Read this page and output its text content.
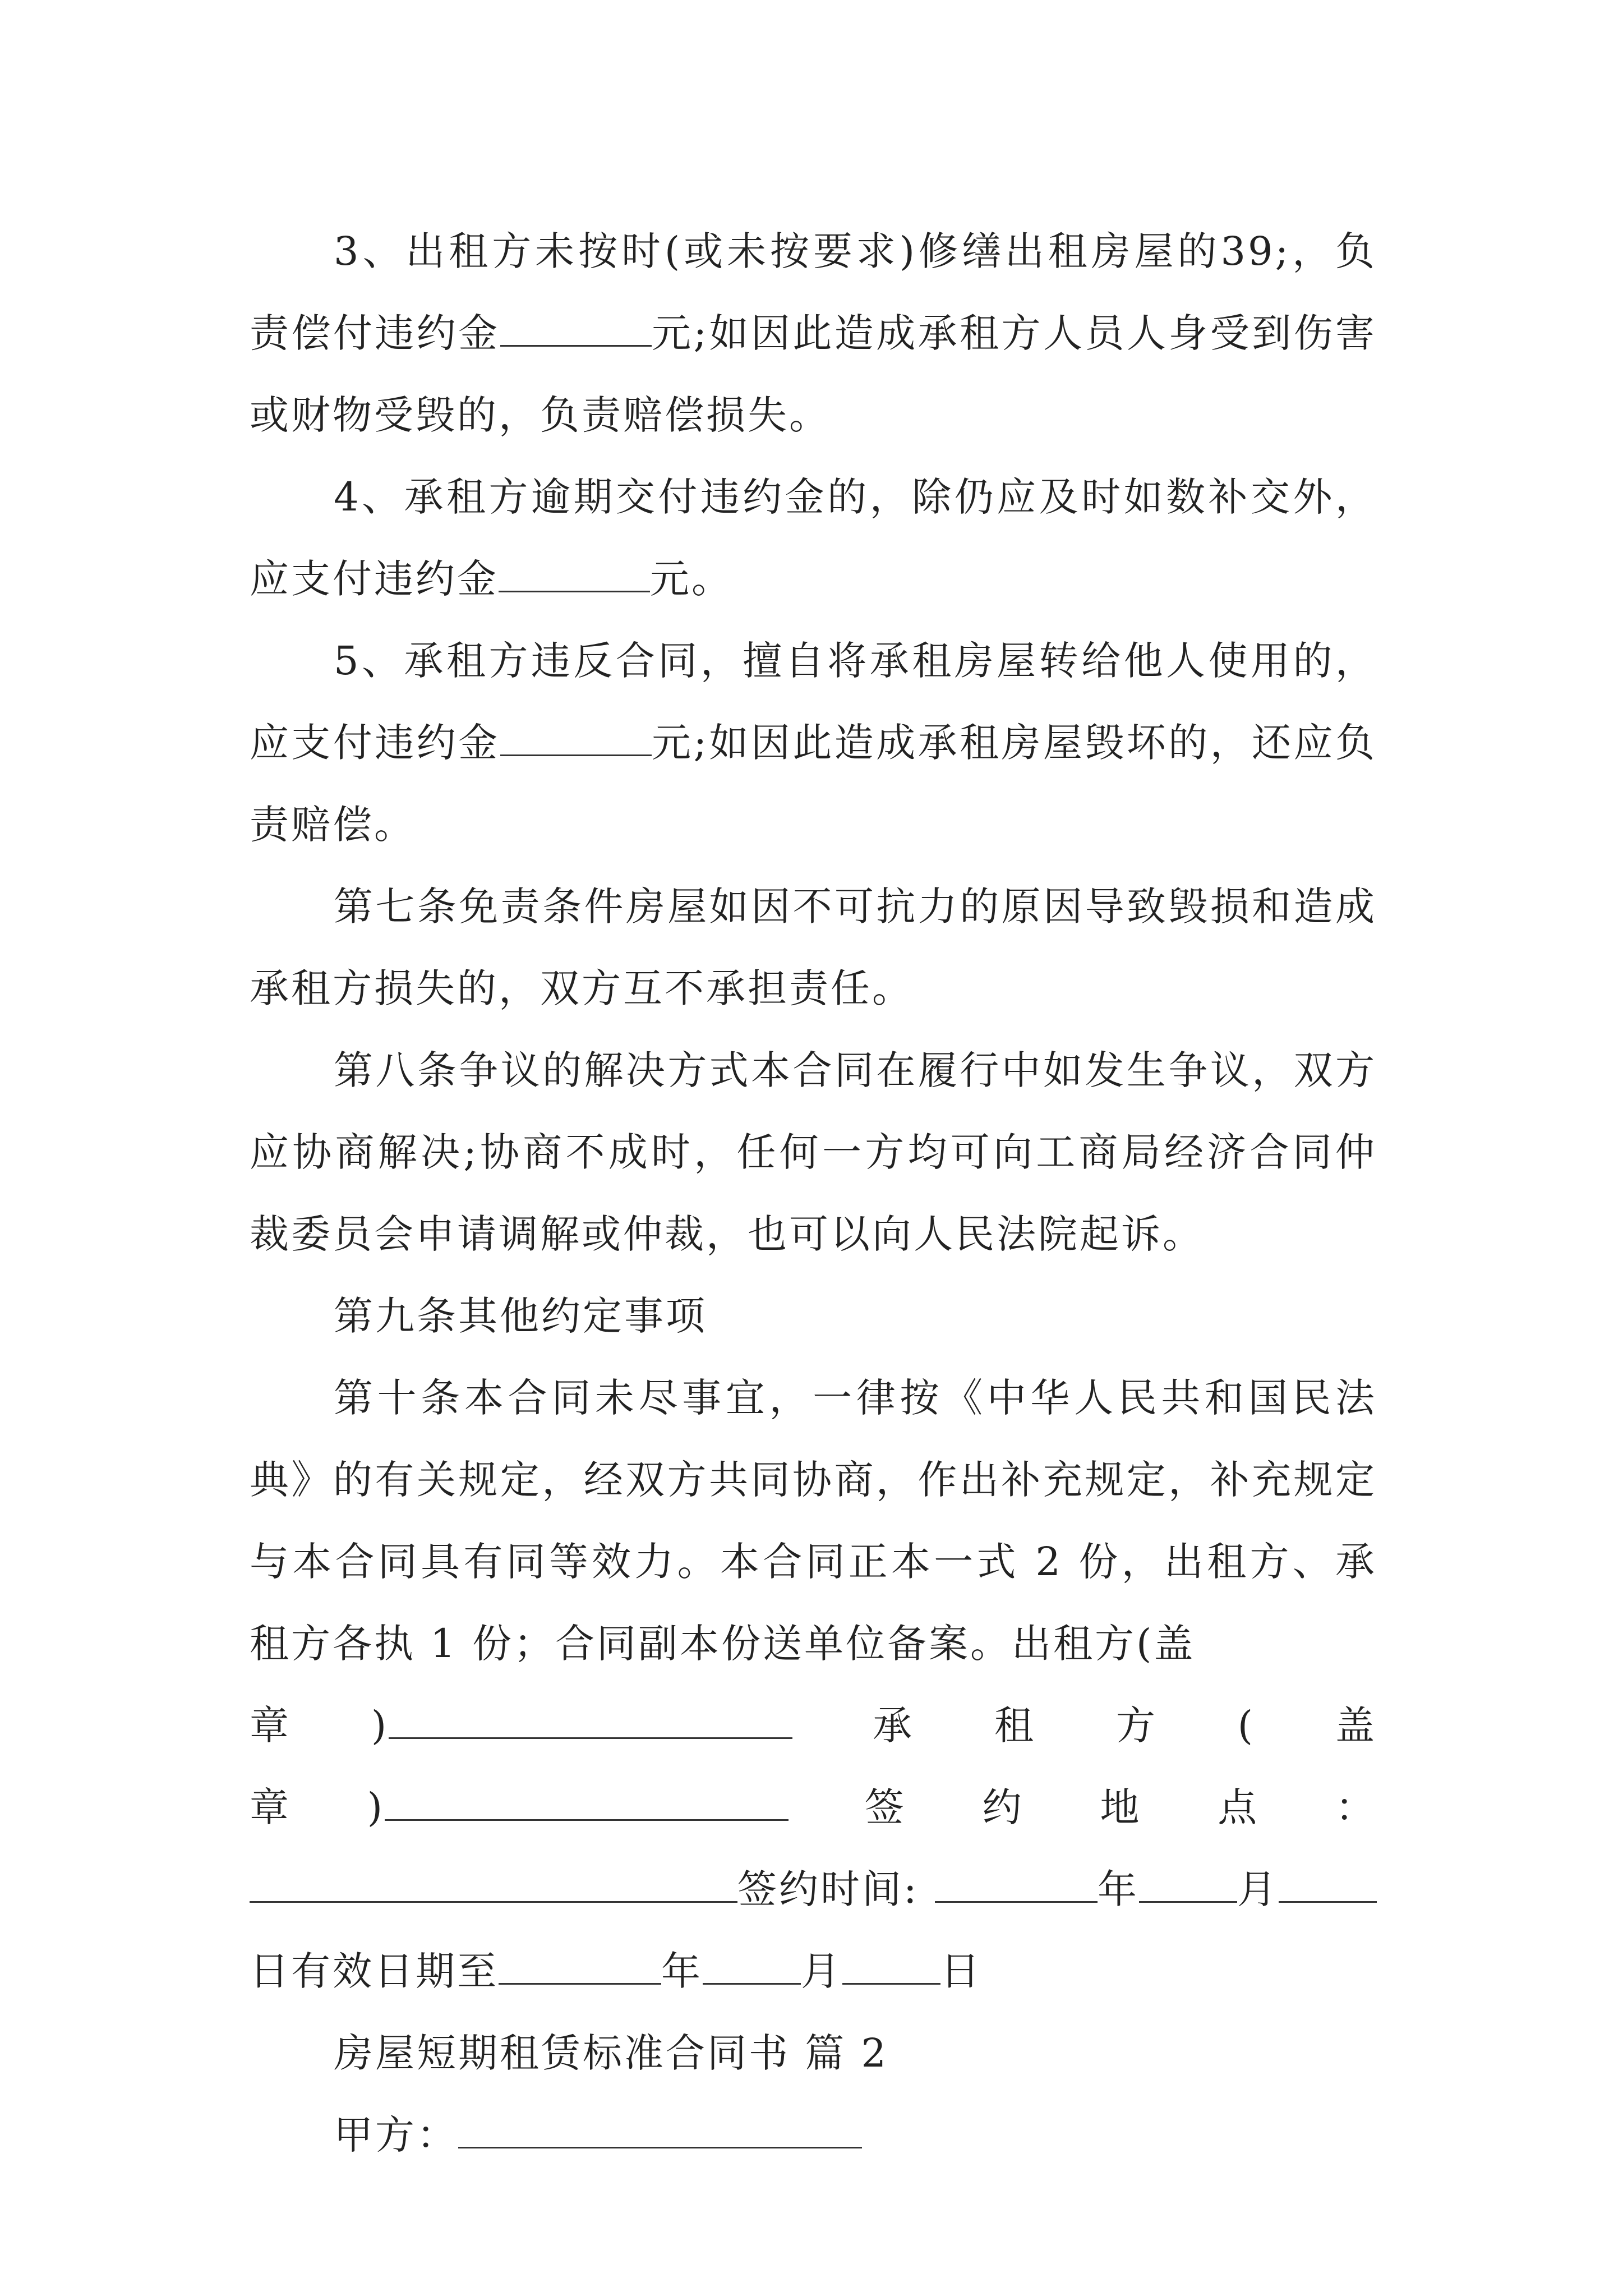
3、出租方未按时(或未按要求)修缮出租房屋的39;，负责偿付违约金	元;如因此造成承租方人员人身受到伤害或财物受毁的，负责赔偿损失。

4、承租方逾期交付违约金的，除仍应及时如数补交外，应支付违约金	元。

5、承租方违反合同，擅自将承租房屋转给他人使用的，应支付违约金	元;如因此造成承租房屋毁坏的，还应负责赔偿。

第七条免责条件房屋如因不可抗力的原因导致毁损和造成承租方损失的，双方互不承担责任。

第八条争议的解决方式本合同在履行中如发生争议，双方应协商解决;协商不成时，任何一方均可向工商局经济合同仲裁委员会申请调解或仲裁，也可以向人民法院起诉。

第九条其他约定事项

第十条本合同未尽事宜，一律按《中华人民共和国民法典》的有关规定，经双方共同协商，作出补充规定，补充规定与本合同具有同等效力。本合同正本一式 2 份，出租方、承租方各执 1 份；合同副本份送单位备案。出租方(盖

章 )	承 租 方 ( 盖
章 )	签 约 地 点 ：
签约时间:	年	月

日有效日期至	年	月	日

房屋短期租赁标准合同书 篇 2

甲方：
